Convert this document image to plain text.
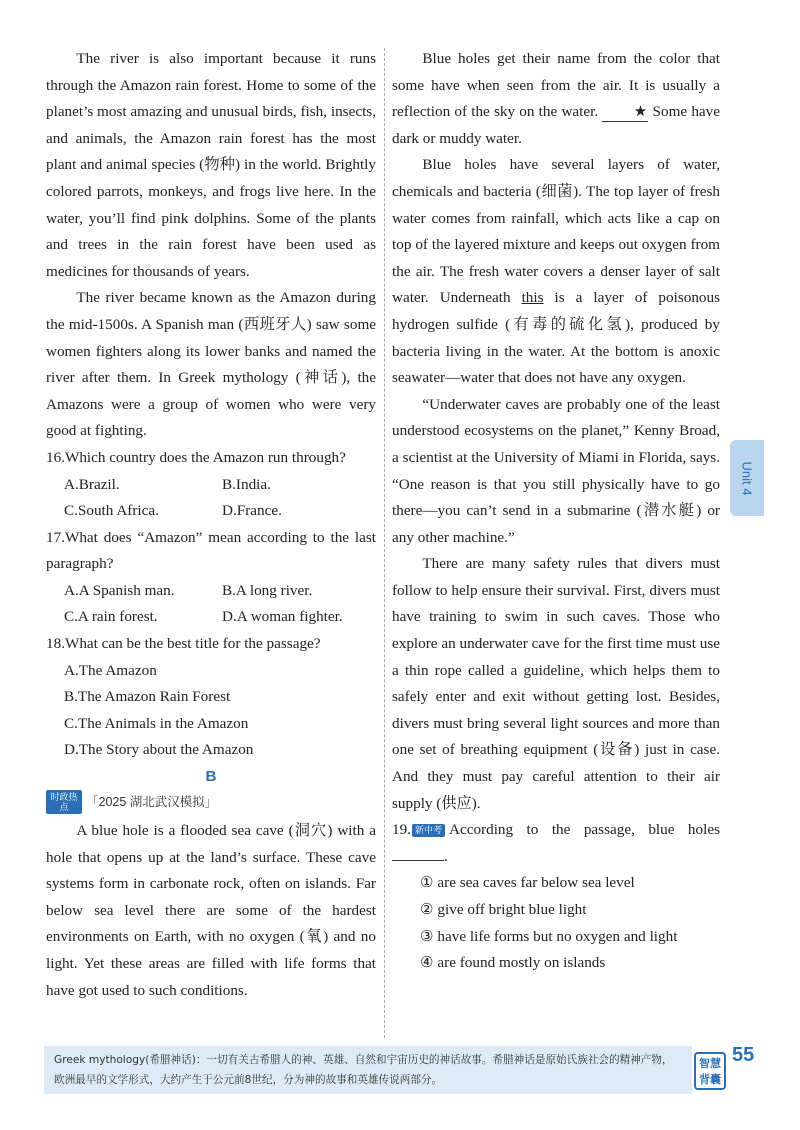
The river is also important because it runs through the Amazon rain forest. Home to some of the planet’s most amazing and unusual birds, fish, insects, and animals, the Amazon rain forest has the most plant and animal species (物种) in the world. Brightly colored parrots, monkeys, and frogs live here. In the water, you’ll find pink dolphins. Some of the plants and trees in the rain forest have been used as medicines for thousands of years.

The river became known as the Amazon during the mid-1500s. A Spanish man (西班牙人) saw some women fighters along its lower banks and named the river after them. In Greek mythology (神话), the Amazons were a group of women who were very good at fighting.

16.Which country does the Amazon run through?
A.Brazil.	B.India.
C.South Africa.	D.France.
17.What does “Amazon” mean according to the last paragraph?
A.A Spanish man.	B.A long river.
C.A rain forest.	D.A woman fighter.
18.What can be the best title for the passage?
A.The Amazon
B.The Amazon Rain Forest
C.The Animals in the Amazon
D.The Story about the Amazon
B
时政热点	「2025 湖北武汉模拟」

A blue hole is a flooded sea cave (洞穴) with a hole that opens up at the land’s surface. These cave systems form in carbonate rock, often on islands. Far below sea level there are some of the hardest environments on Earth, with no oxygen (氧) and no light. Yet these areas are filled with life forms that have got used to such conditions.

Blue holes get their name from the color that some have when seen from the air. It is usually a reflection of the sky on the water. ★ Some have dark or muddy water.

Blue holes have several layers of water, chemicals and bacteria (细菌). The top layer of fresh water comes from rainfall, which acts like a cap on top of the layered mixture and keeps out oxygen from the air. The fresh water covers a denser layer of salt water. Underneath this is a layer of poisonous hydrogen sulfide (有毒的硫化氢), produced by bacteria living in the water. At the bottom is anoxic seawater—water that does not have any oxygen.

“Underwater caves are probably one of the least understood ecosystems on the planet,” Kenny Broad, a scientist at the University of Miami in Florida, says. “One reason is that you still physically have to go there—you can’t send in a submarine (潜水艇) or any other machine.”

There are many safety rules that divers must follow to help ensure their survival. First, divers must have training to swim in such caves. Those who explore an underwater cave for the first time must use a thin rope called a guideline, which helps them to safely enter and exit without getting lost. Besides, divers must bring several light sources and more than one set of breathing equipment (设备) just in case. And they must pay careful attention to their air supply (供应).

19. 新中考 According to the passage, blue holes .
① are sea caves far below sea level
② give off bright blue light
③ have life forms but no oxygen and light
④ are found mostly on islands
Unit 4
Greek mythology(希腊神话)：一切有关古希腊人的神、英雄、自然和宇宙历史的神话故事。希腊神话是原始氏族社会的精神产物，欧洲最早的文学形式，大约产生于公元前8世纪，分为神的故事和英雄传说两部分。
智慧
背囊
55
